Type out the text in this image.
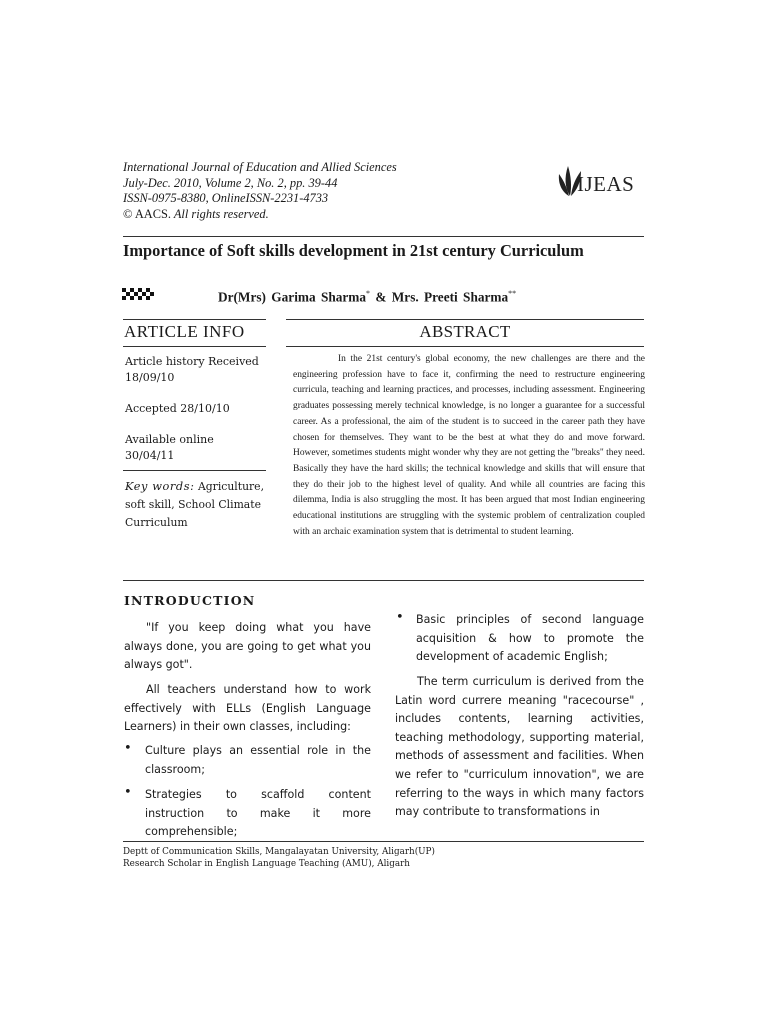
International Journal of Education and Allied Sciences
July-Dec. 2010, Volume 2, No. 2, pp. 39-44
ISSN-0975-8380, OnlineISSN-2231-4733
© AACS. All rights reserved.
IJEAS
Importance of Soft skills development in 21st century Curriculum
Dr(Mrs) Garima Sharma* & Mrs. Preeti Sharma**
ARTICLE INFO	ABSTRACT
Article history Received
18/09/10
Accepted 28/10/10
Available online
30/04/11
Key words: Agriculture, soft skill, School Climate Curriculum
In the 21st century's global economy, the new challenges are there and the engineering profession have to face it, confirming the need to restructure engineering curricula, teaching and learning practices, and processes, including assessment. Engineering graduates possessing merely technical knowledge, is no longer a guarantee for a successful career. As a professional, the aim of the student is to succeed in the career path they have chosen for themselves. They want to be the best at what they do and move forward. However, sometimes students might wonder why they are not getting the "breaks" they need. Basically they have the hard skills; the technical knowledge and skills that will ensure that they do their job to the highest level of quality. And while all countries are facing this dilemma, India is also struggling the most. It has been argued that most Indian engineering educational institutions are struggling with the systemic problem of centralization coupled with an archaic examination system that is detrimental to student learning.
INTRODUCTION
"If you keep doing what you have always done, you are going to get what you always got".
All teachers understand how to work effectively with ELLs (English Language Learners) in their own classes, including:
• Culture plays an essential role in the classroom;
• Strategies to scaffold content instruction to make it more comprehensible;
• Basic principles of second language acquisition & how to promote the development of academic English;
The term curriculum is derived from the Latin word currere meaning "racecourse" , includes contents, learning activities, teaching methodology, supporting material, methods of assessment and facilities. When we refer to "curriculum innovation", we are referring to the ways in which many factors may contribute to transformations in
Deptt of Communication Skills, Mangalayatan University, Aligarh(UP)
Research Scholar in English Language Teaching (AMU), Aligarh
